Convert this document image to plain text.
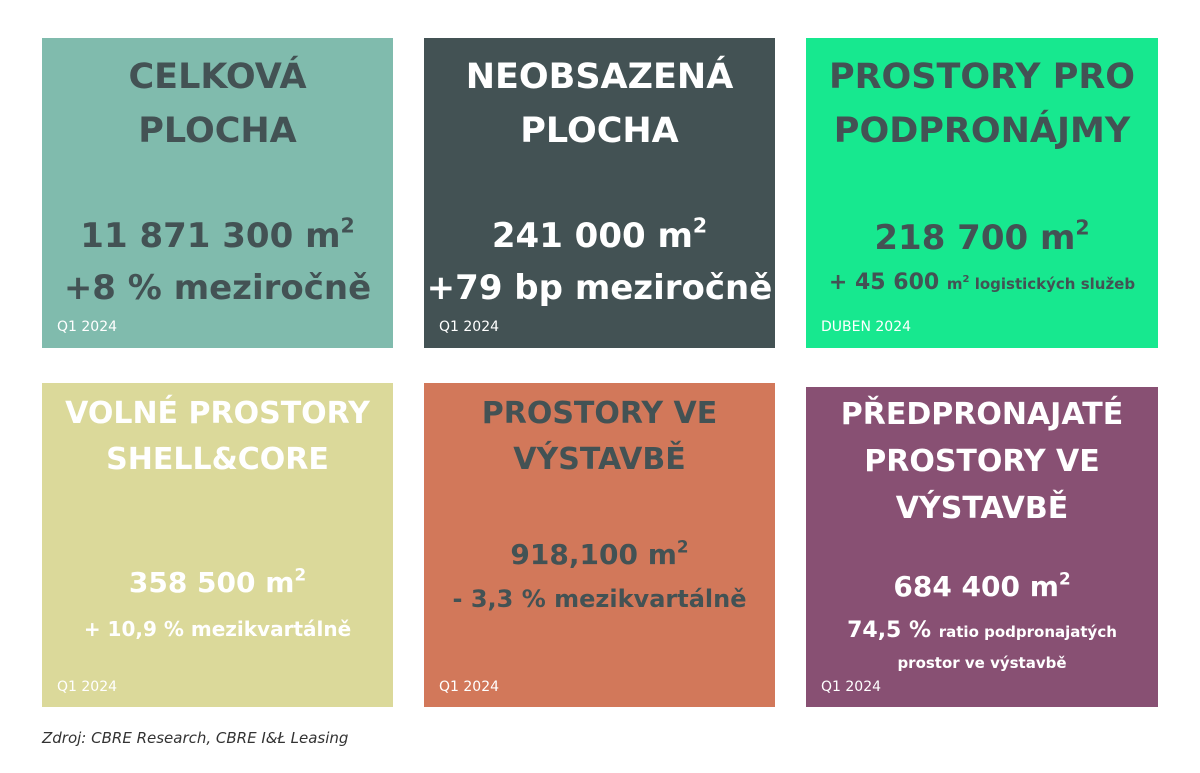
CELKOVÁ
PLOCHA
11 871 300 $m^2$
+8 % meziročně
Q1 2024
NEOBSAZENÁ
PLOCHA
241 000 $m^2$
+79 bp meziročně
Q1 2024
PROSTORY PRO
PODPRONÁJMY
218 700 $m^2$
+ 45 600 $m^2$ logistických služeb
DUBEN 2024
VOLNÉ PROSTORY
SHELL&CORE
358 500 $m^2$
+ 10,9 % mezikvartálně
Q1 2024
PROSTORY VE
VÝSTAVBĚ
918,100 $m^2$
- 3,3 % mezikvartálně
Q1 2024
PŘEDPRONAJATÉ
PROSTORY VE
VÝSTAVBĚ
684 400 $m^2$
74,5 % ratio podpronajatých
prostor ve výstavbě
Q1 2024
Zdroj: CBRE Research, CBRE I&Ł Leasing
